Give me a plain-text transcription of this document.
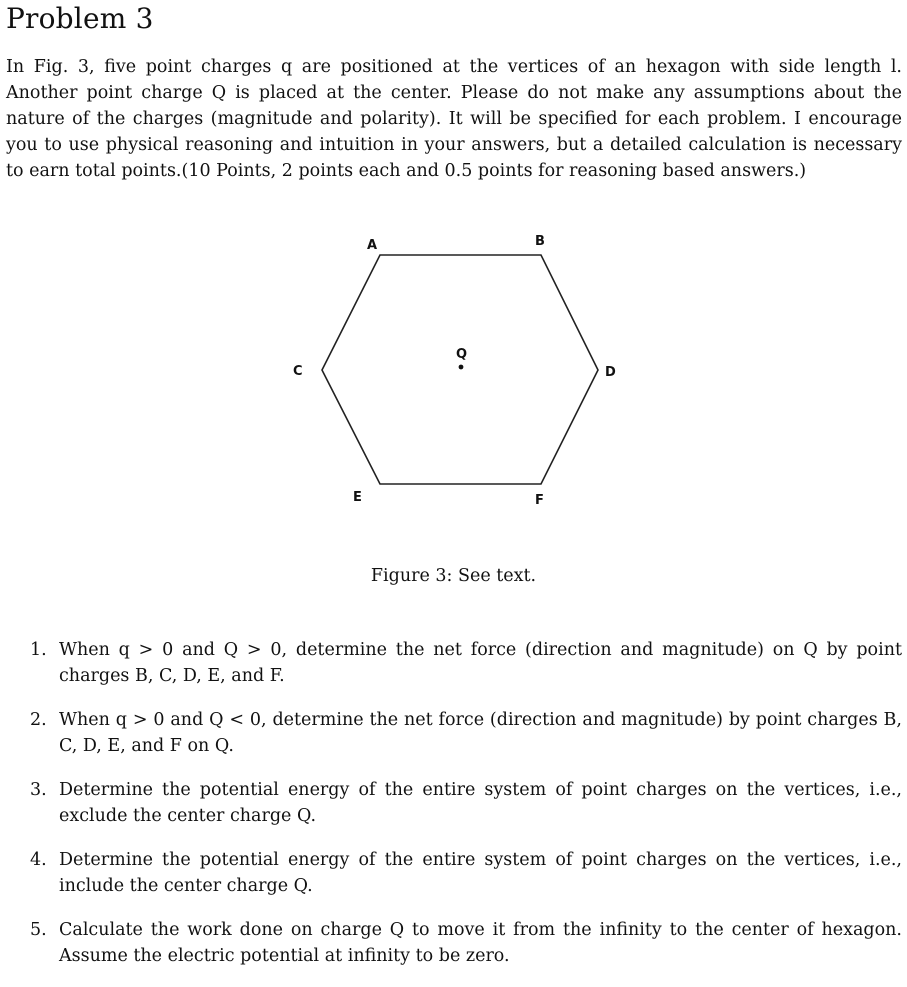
Problem 3
In Fig. 3, five point charges q are positioned at the vertices of an hexagon with side length l. Another point charge Q is placed at the center. Please do not make any assumptions about the nature of the charges (magnitude and polarity). It will be specified for each problem. I encourage you to use physical reasoning and intuition in your answers, but a detailed calculation is necessary to earn total points.(10 Points, 2 points each and 0.5 points for reasoning based answers.)
A	B
C	D
E	F
Q
Figure 3: See text.
1. When q > 0 and Q > 0, determine the net force (direction and magnitude) on Q by point charges B, C, D, E, and F.
2. When q > 0 and Q < 0, determine the net force (direction and magnitude) by point charges B, C, D, E, and F on Q.
3. Determine the potential energy of the entire system of point charges on the vertices, i.e., exclude the center charge Q.
4. Determine the potential energy of the entire system of point charges on the vertices, i.e., include the center charge Q.
5. Calculate the work done on charge Q to move it from the infinity to the center of hexagon. Assume the electric potential at infinity to be zero.
